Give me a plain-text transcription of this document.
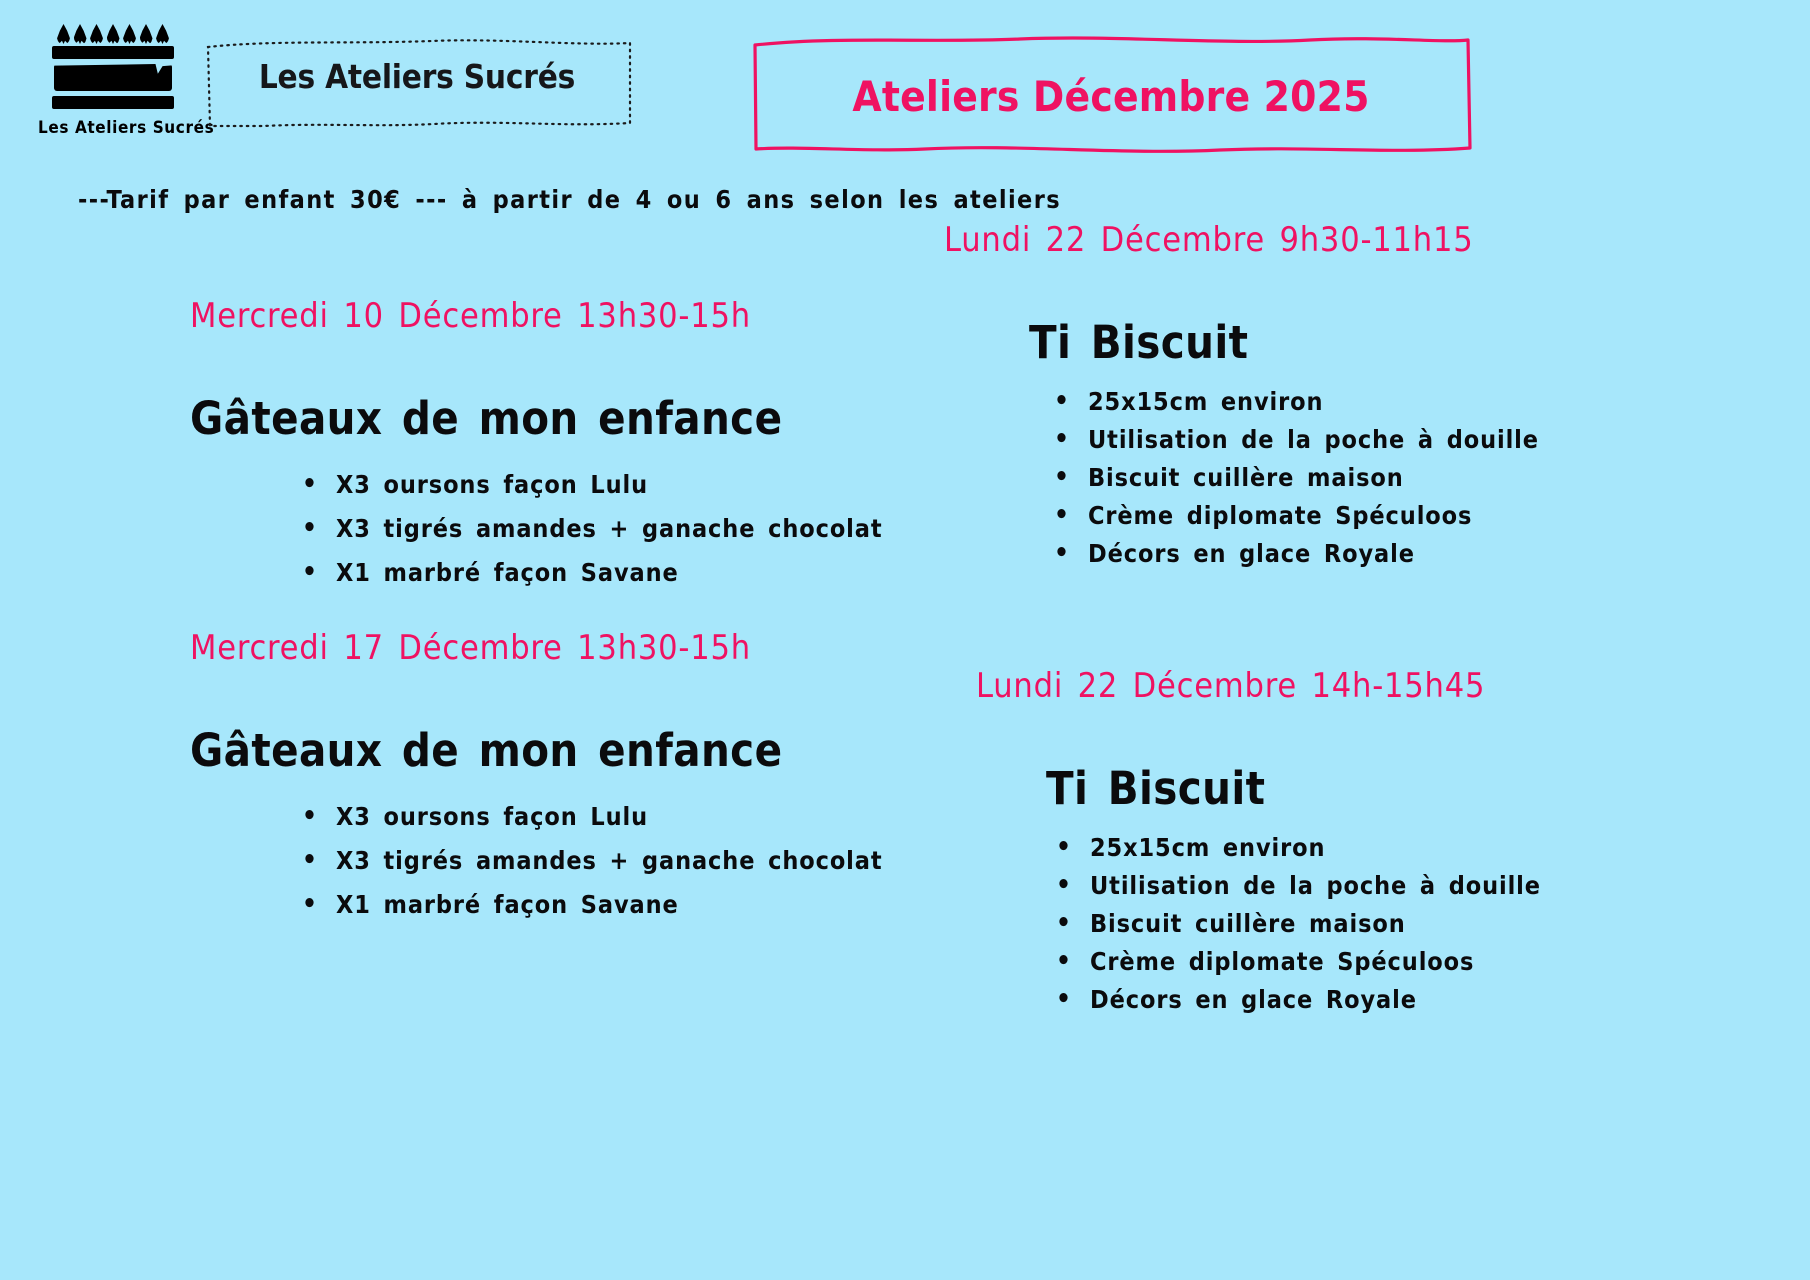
Les Ateliers Sucrés
Les Ateliers Sucrés	Ateliers Décembre 2025
---Tarif par enfant 30€ --- à partir de 4 ou 6 ans selon les ateliers
Mercredi 10 Décembre 13h30-15h
Gâteaux de mon enfance
• X3 oursons façon Lulu
• X3 tigrés amandes + ganache chocolat
• X1 marbré façon Savane
Mercredi 17 Décembre 13h30-15h
Gâteaux de mon enfance
• X3 oursons façon Lulu
• X3 tigrés amandes + ganache chocolat
• X1 marbré façon Savane
Lundi 22 Décembre 9h30-11h15
Ti Biscuit
• 25x15cm environ
• Utilisation de la poche à douille
• Biscuit cuillère maison
• Crème diplomate Spéculoos
• Décors en glace Royale
Lundi 22 Décembre 14h-15h45
Ti Biscuit
• 25x15cm environ
• Utilisation de la poche à douille
• Biscuit cuillère maison
• Crème diplomate Spéculoos
• Décors en glace Royale
